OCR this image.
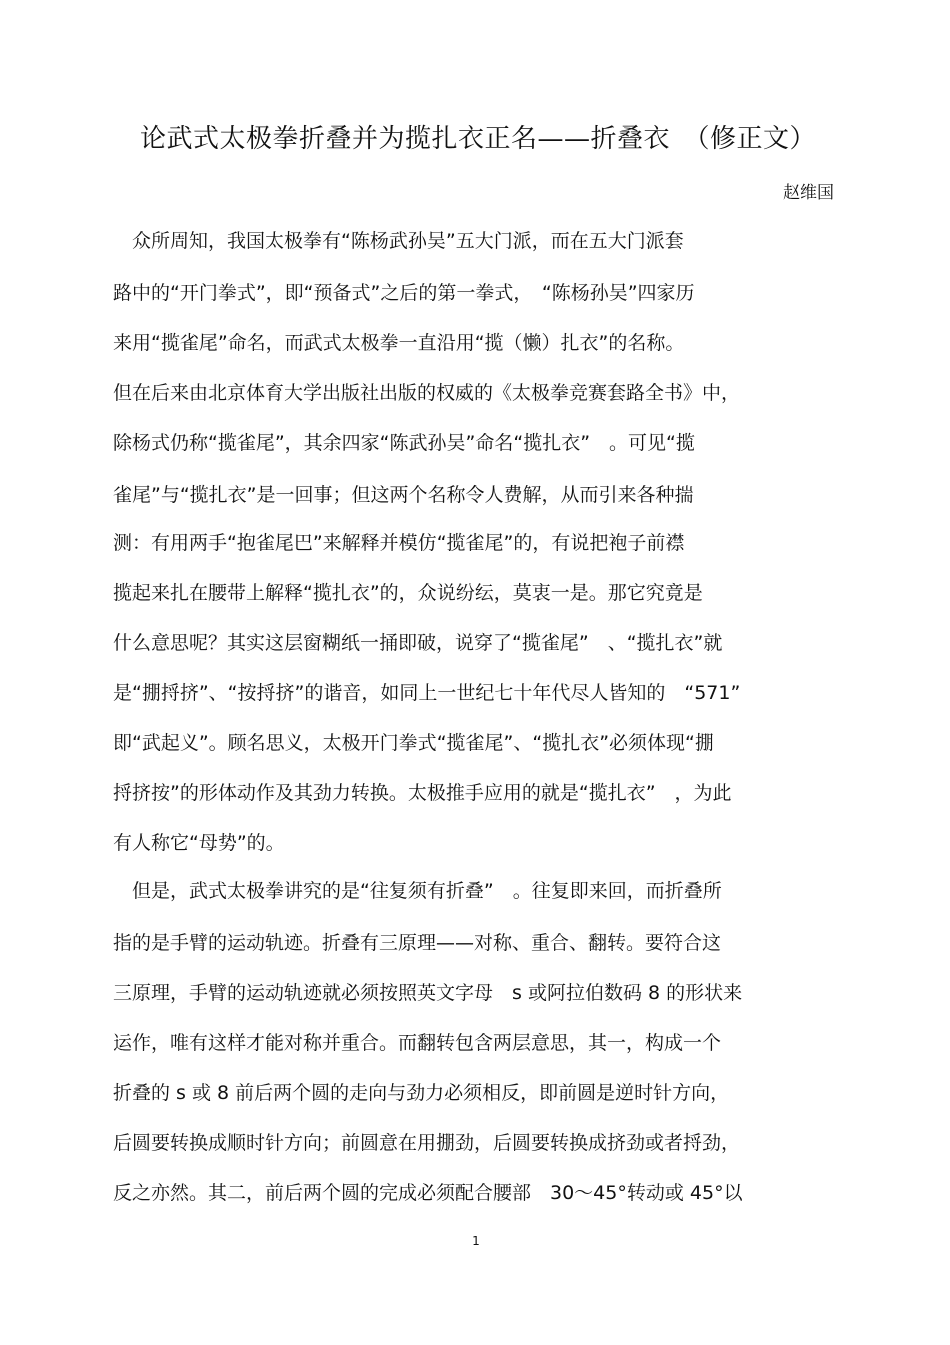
论武式太极拳折叠并为揽扎衣正名——折叠衣　（修正文）
赵维国
　众所周知，我国太极拳有“陈杨武孙吴”五大门派，而在五大门派套
路中的“开门拳式”，即“预备式”之后的第一拳式，　“陈杨孙吴”四家历
来用“揽雀尾”命名，而武式太极拳一直沿用“揽（懒）扎衣”的名称。
但在后来由北京体育大学出版社出版的权威的《太极拳竞赛套路全书》中，
除杨式仍称“揽雀尾”，其余四家“陈武孙吴”命名“揽扎衣”　。可见“揽
雀尾”与“揽扎衣”是一回事；但这两个名称令人费解，从而引来各种揣
测：有用两手“抱雀尾巴”来解释并模仿“揽雀尾”的，有说把袍子前襟
揽起来扎在腰带上解释“揽扎衣”的，众说纷纭，莫衷一是。那它究竟是
什么意思呢？其实这层窗糊纸一捅即破，说穿了“揽雀尾”　、“揽扎衣”就
是“掤捋挤”、“按捋挤”的谐音，如同上一世纪七十年代尽人皆知的　“571”
即“武起义”。顾名思义，太极开门拳式“揽雀尾”、“揽扎衣”必须体现“掤
捋挤按”的形体动作及其劲力转换。太极推手应用的就是“揽扎衣”　，为此
有人称它“母势”的。
　但是，武式太极拳讲究的是“往复须有折叠”　。往复即来回，而折叠所
指的是手臂的运动轨迹。折叠有三原理——对称、重合、翻转。要符合这
三原理，手臂的运动轨迹就必须按照英文字母　s 或阿拉伯数码 8 的形状来
运作，唯有这样才能对称并重合。而翻转包含两层意思，其一，构成一个
折叠的 s 或 8 前后两个圆的走向与劲力必须相反，即前圆是逆时针方向，
后圆要转换成顺时针方向；前圆意在用掤劲，后圆要转换成挤劲或者捋劲，
反之亦然。其二，前后两个圆的完成必须配合腰部　30～45°转动或 45°以
1
